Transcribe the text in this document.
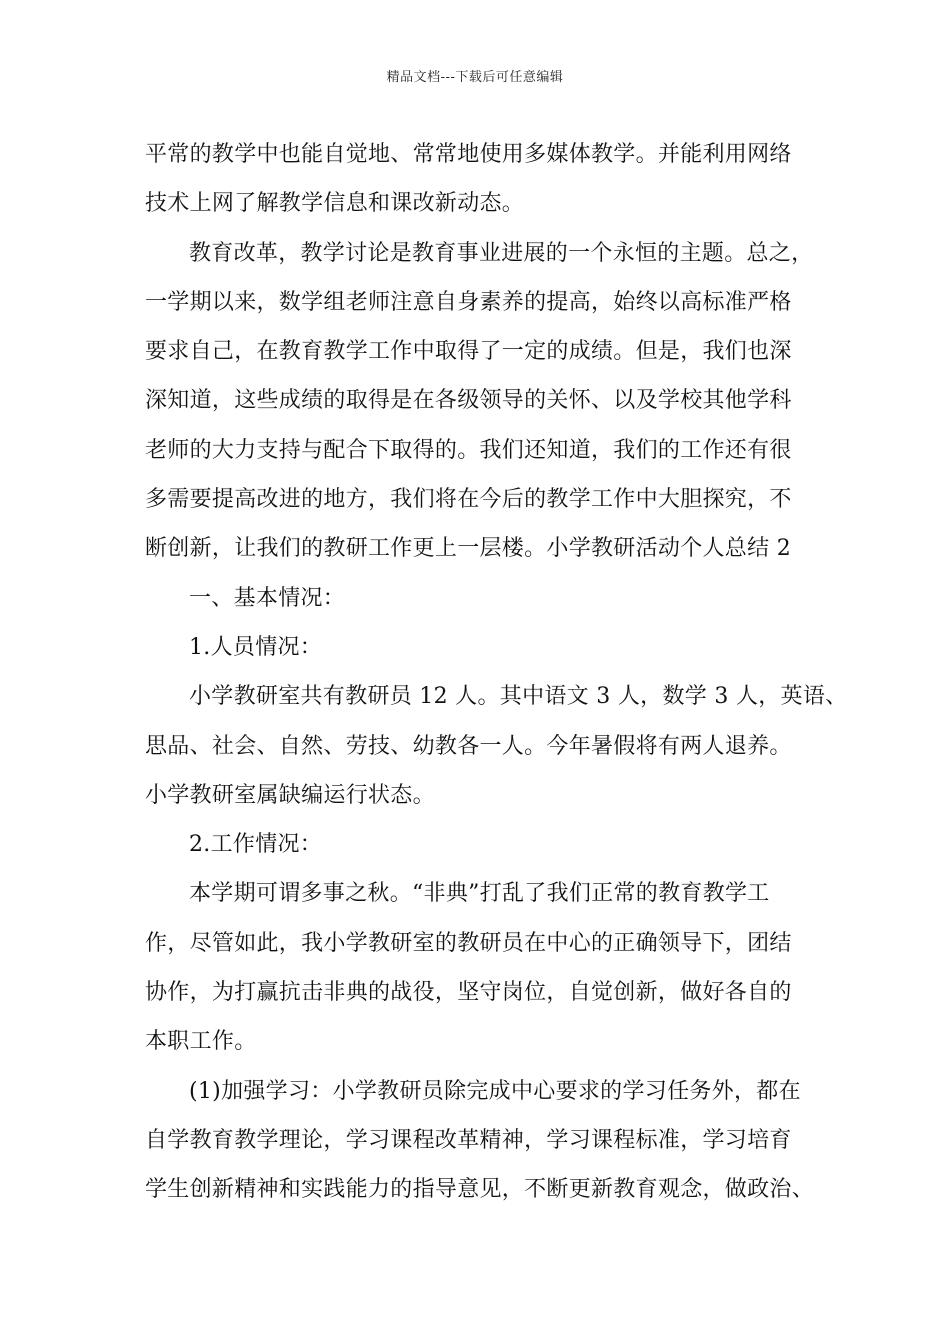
精品文档---下载后可任意编辑
平常的教学中也能自觉地、常常地使用多媒体教学。并能利用网络
技术上网了解教学信息和课改新动态。
教育改革，教学讨论是教育事业进展的一个永恒的主题。总之，
一学期以来，数学组老师注意自身素养的提高，始终以高标准严格
要求自己，在教育教学工作中取得了一定的成绩。但是，我们也深
深知道，这些成绩的取得是在各级领导的关怀、以及学校其他学科
老师的大力支持与配合下取得的。我们还知道，我们的工作还有很
多需要提高改进的地方，我们将在今后的教学工作中大胆探究，不
断创新，让我们的教研工作更上一层楼。小学教研活动个人总结 2
一、基本情况：
1.人员情况：
小学教研室共有教研员 12 人。其中语文 3 人，数学 3 人，英语、
思品、社会、自然、劳技、幼教各一人。今年暑假将有两人退养。
小学教研室属缺编运行状态。
2.工作情况：
本学期可谓多事之秋。“非典”打乱了我们正常的教育教学工
作，尽管如此，我小学教研室的教研员在中心的正确领导下，团结
协作，为打赢抗击非典的战役，坚守岗位，自觉创新，做好各自的
本职工作。
(1)加强学习：小学教研员除完成中心要求的学习任务外，都在
自学教育教学理论，学习课程改革精神，学习课程标准，学习培育
学生创新精神和实践能力的指导意见，不断更新教育观念，做政治、
